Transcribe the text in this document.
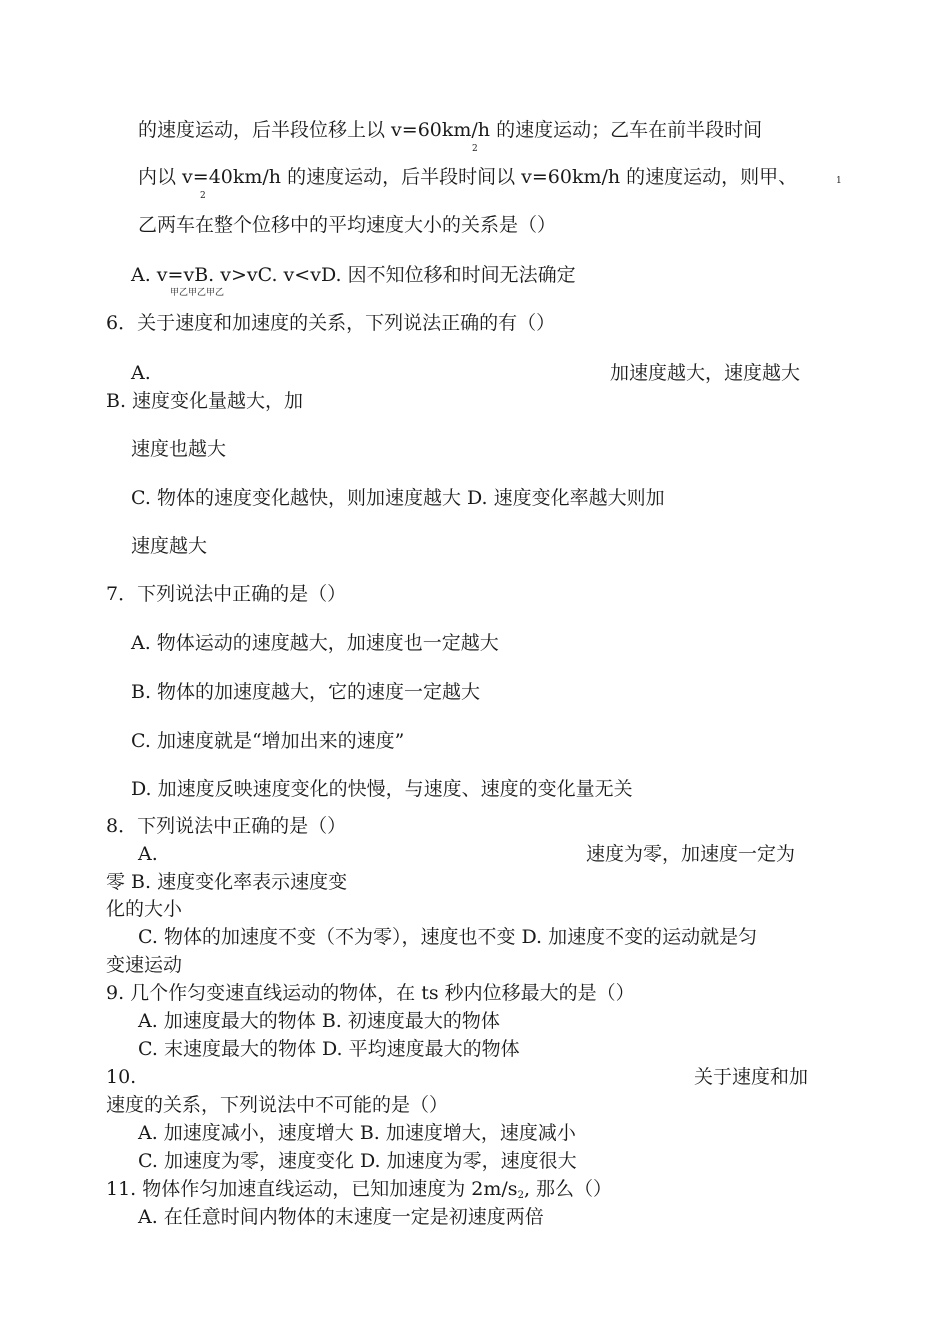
的速度运动，后半段位移上以 v=60km/h 的速度运动；乙车在前半段时间
2
内以 v=40km/h 的速度运动，后半段时间以 v=60km/h 的速度运动，则甲、	1
2
乙两车在整个位移中的平均速度大小的关系是（）
A. v=vB. v>vC. v<vD. 因不知位移和时间无法确定
甲乙甲乙甲乙
6．关于速度和加速度的关系，下列说法正确的有（）
A.	加速度越大，速度越大
B. 速度变化量越大，加
速度也越大
C. 物体的速度变化越快，则加速度越大 D. 速度变化率越大则加
速度越大
7．下列说法中正确的是（）
A. 物体运动的速度越大，加速度也一定越大
B. 物体的加速度越大，它的速度一定越大
C. 加速度就是“增加出来的速度”
D. 加速度反映速度变化的快慢，与速度、速度的变化量无关
8．下列说法中正确的是（）
A.	速度为零，加速度一定为
零 B. 速度变化率表示速度变
化的大小
C. 物体的加速度不变（不为零），速度也不变 D. 加速度不变的运动就是匀
变速运动
9. 几个作匀变速直线运动的物体，在 ts 秒内位移最大的是（）
A. 加速度最大的物体 B. 初速度最大的物体
C. 末速度最大的物体 D. 平均速度最大的物体
10.	关于速度和加
速度的关系，下列说法中不可能的是（）
A. 加速度减小，速度增大 B. 加速度增大，速度减小
C. 加速度为零，速度变化 D. 加速度为零，速度很大
11. 物体作匀加速直线运动，已知加速度为 2m/s2, 那么（）
A. 在任意时间内物体的末速度一定是初速度两倍
